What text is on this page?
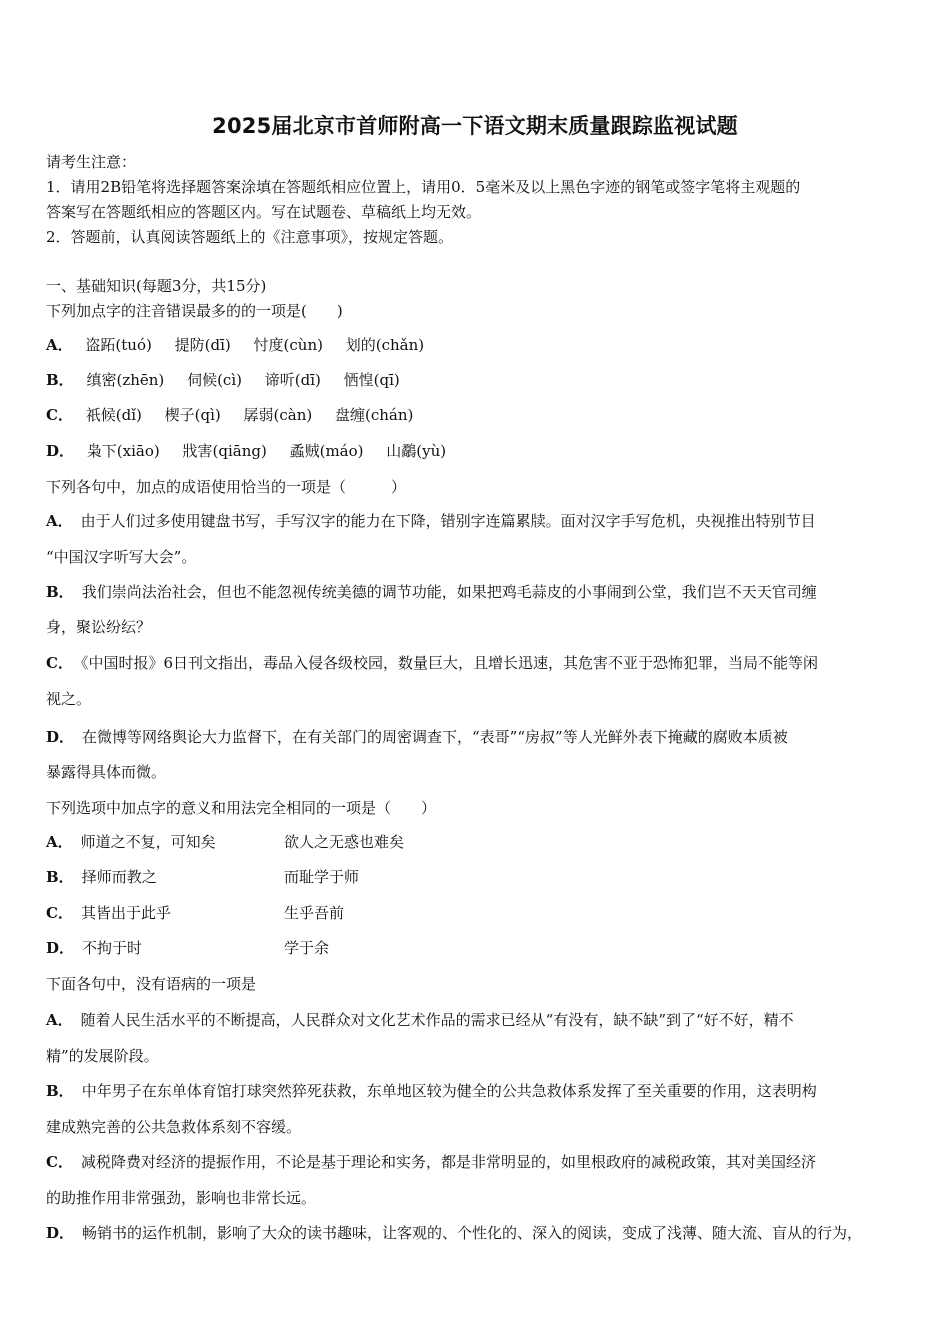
2025届北京市首师附高一下语文期末质量跟踪监视试题
请考生注意：
1．请用2B铅笔将选择题答案涂填在答题纸相应位置上，请用0．5毫米及以上黑色字迹的钢笔或签字笔将主观题的
答案写在答题纸相应的答题区内。写在试题卷、草稿纸上均无效。
2．答题前，认真阅读答题纸上的《注意事项》，按规定答题。
一、基础知识(每题3分，共15分)
下列加点字的注音错误最多的的一项是(　　)
A． 盗跖(tuó) 提防(dī) 忖度(cùn) 划的(chǎn)
B． 缜密(zhēn) 伺候(cì) 谛听(dī) 恓惶(qī)
C． 祇候(dǐ) 楔子(qì) 孱弱(càn) 盘缠(chán)
D． 枭下(xiāo) 戕害(qiāng) 蟊贼(máo) 山鷸(yù)
下列各句中，加点的成语使用恰当的一项是（　　　）
A． 由于人们过多使用键盘书写，手写汉字的能力在下降，错别字连篇累牍。面对汉字手写危机，央视推出特别节目
“中国汉字听写大会”。
B． 我们崇尚法治社会，但也不能忽视传统美德的调节功能，如果把鸡毛蒜皮的小事闹到公堂，我们岂不天天官司缠
身，聚讼纷纭？
C． 《中国时报》6日刊文指出，毒品入侵各级校园，数量巨大，且增长迅速，其危害不亚于恐怖犯罪，当局不能等闲
视之。
D． 在微博等网络舆论大力监督下，在有关部门的周密调查下，“表哥”“房叔”等人光鲜外表下掩藏的腐败本质被
暴露得具体而微。
下列选项中加点字的意义和用法完全相同的一项是（　　）
A． 师道之不复，可知矣	欲人之无惑也难矣
B． 择师而教之	而耻学于师
C． 其皆出于此乎	生乎吾前
D． 不拘于时	学于余
下面各句中，没有语病的一项是
A． 随着人民生活水平的不断提高，人民群众对文化艺术作品的需求已经从“有没有，缺不缺”到了“好不好，精不
精”的发展阶段。
B． 中年男子在东单体育馆打球突然猝死获救，东单地区较为健全的公共急救体系发挥了至关重要的作用，这表明构
建成熟完善的公共急救体系刻不容缓。
C． 减税降费对经济的提振作用，不论是基于理论和实务，都是非常明显的，如里根政府的减税政策，其对美国经济
的助推作用非常强劲，影响也非常长远。
D． 畅销书的运作机制，影响了大众的读书趣味，让客观的、个性化的、深入的阅读，变成了浅薄、随大流、盲从的行为，
